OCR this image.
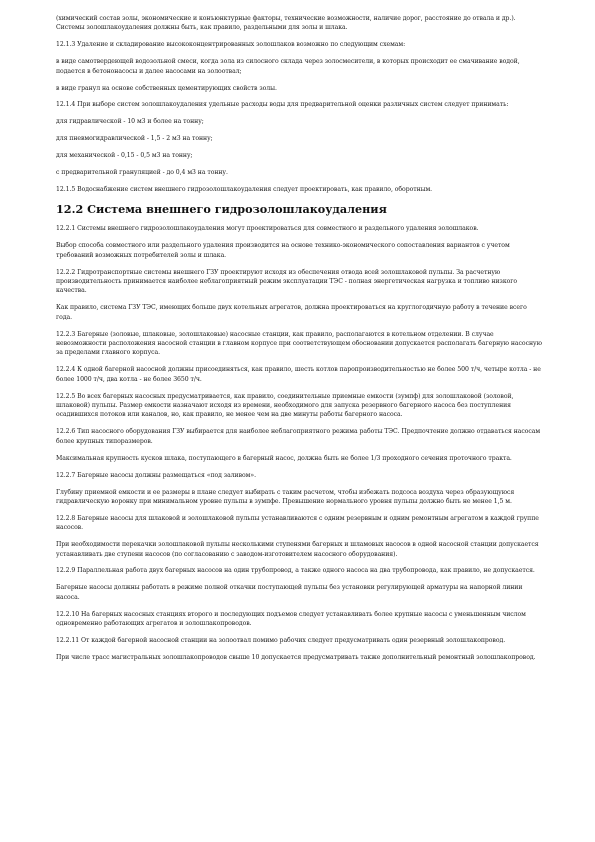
(химический состав золы, экономические и конъюнктурные факторы, технические возможности, наличие дорог, расстояние до отвала и др.). Системы золошлакоудаления должны быть, как правило, раздельными для золы и шлака.

12.1.3 Удаление и складирование высококонцентрированных золошлаков возможно по следующим схемам:

в виде самотвердеющей водозольной смеси, когда зола из силосного склада через золосмесители, в которых происходит ее смачивание водой, подается в бетононасосы и далее насосами на золоотвал;

в виде гранул на основе собственных цементирующих свойств золы.

12.1.4 При выборе систем золошлакоудаления удельные расходы воды для предварительной оценки различных систем следует принимать:

для гидравлической - 10 м3 и более на тонну;

для пневмогидравлической - 1,5 - 2 м3 на тонну;

для механической - 0,15 - 0,5 м3 на тонну;

с предварительной грануляцией - до 0,4 м3 на тонну.

12.1.5 Водоснабжение систем внешнего гидрозолошлакоудаления следует проектировать, как правило, оборотным.

12.2 Система внешнего гидрозолошлакоудаления

12.2.1 Системы внешнего гидрозолошлакоудаления могут проектироваться для совместного и раздельного удаления золошлаков.

Выбор способа совместного или раздельного удаления производится на основе технико-экономического сопоставления вариантов с учетом требований возможных потребителей золы и шлака.

12.2.2 Гидротранспортные системы внешнего ГЗУ проектируют исходя из обеспечения отвода всей золошлаковой пульпы. За расчетную производительность принимается наиболее неблагоприятный режим эксплуатации ТЭС - полная энергетическая нагрузка и топливо низкого качества.

Как правило, система ГЗУ ТЭС, имеющих больше двух котельных агрегатов, должна проектироваться на круглогодичную работу в течение всего года.

12.2.3 Багерные (золовые, шлаковые, золошлаковые) насосные станции, как правило, располагаются в котельном отделении. В случае невозможности расположения насосной станции в главном корпусе при соответствующем обосновании допускается располагать багерную насосную за пределами главного корпуса.

12.2.4 К одной багерной насосной должны присоединяться, как правило, шесть котлов паропроизводительностью не более 500 т/ч, четыре котла - не более 1000 т/ч, два котла - не более 3650 т/ч.

12.2.5 Во всех багерных насосных предусматривается, как правило, соединительные приемные емкости (зумпф) для золошлаковой (золовой, шлаковой) пульпы. Размер емкости назначают исходя из времени, необходимого для запуска резервного багерного насоса без поступления осадившихся потоков или каналов, но, как правило, не менее чем на две минуты работы багерного насоса.

12.2.6 Тип насосного оборудования ГЗУ выбирается для наиболее неблагоприятного режима работы ТЭС. Предпочтение должно отдаваться насосам более крупных типоразмеров.

Максимальная крупность кусков шлака, поступающего в багерный насос, должна быть не более 1/3 проходного сечения проточного тракта.

12.2.7 Багерные насосы должны размещаться «под заливом».

Глубину приемной емкости и ее размеры в плане следует выбирать с таким расчетом, чтобы избежать подсоса воздуха через образующуюся гидравлическую воронку при минимальном уровне пульпы в зумпфе. Превышение нормального уровня пульпы должно быть не менее 1,5 м.

12.2.8 Багерные насосы для шлаковой и золошлаковой пульпы устанавливаются с одним резервным и одним ремонтным агрегатом в каждой группе насосов.

При необходимости перекачки золошлаковой пульпы несколькими ступенями багерных и шламовых насосов в одной насосной станции допускается устанавливать две ступени насосов (по согласованию с заводом-изготовителем насосного оборудования).

12.2.9 Параллельная работа двух багерных насосов на один трубопровод, а также одного насоса на два трубопровода, как правило, не допускается.

Багерные насосы должны работать в режиме полной откачки поступающей пульпы без установки регулирующей арматуры на напорной линии насоса.

12.2.10 На багерных насосных станциях второго и последующих подъемов следует устанавливать более крупные насосы с уменьшенным числом одновременно работающих агрегатов и золошлакопроводов.

12.2.11 От каждой багерной насосной станции на золоотвал помимо рабочих следует предусматривать один резервный золошлакопровод.

При числе трасс магистральных золошлакопроводов свыше 10 допускается предусматривать также дополнительный ремонтный золошлакопровод.
